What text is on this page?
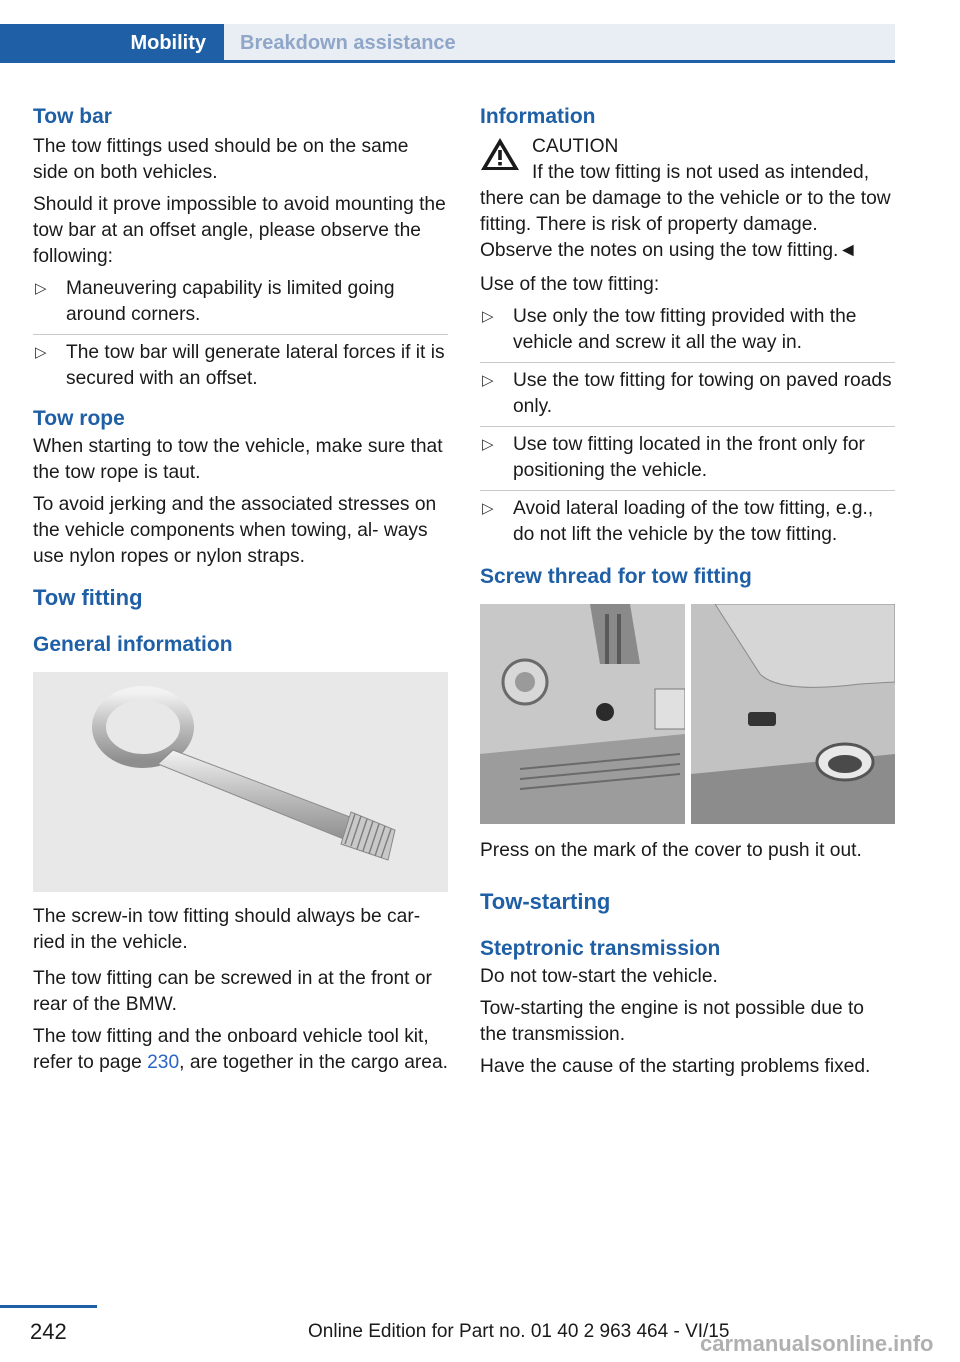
Mobility	Breakdown assistance
Tow bar

The tow fittings used should be on the same side on both vehicles.

Should it prove impossible to avoid mounting the tow bar at an offset angle, please observe the following:

▷ Maneuvering capability is limited going around corners.
▷ The tow bar will generate lateral forces if it is secured with an offset.
Tow rope

When starting to tow the vehicle, make sure that the tow rope is taut.

To avoid jerking and the associated stresses on the vehicle components when towing, al‐ ways use nylon ropes or nylon straps.

Tow fitting
General information

The screw-in tow fitting should always be car‐ ried in the vehicle.

The tow fitting can be screwed in at the front or rear of the BMW.

The tow fitting and the onboard vehicle tool kit, refer to page 230, are together in the cargo area.

Information
CAUTION

If the tow fitting is not used as intended, there can be damage to the vehicle or to the tow fitting. There is risk of property damage. Observe the notes on using the tow fitting.◄

Use of the tow fitting:

▷ Use only the tow fitting provided with the vehicle and screw it all the way in.
▷ Use the tow fitting for towing on paved roads only.
▷ Use tow fitting located in the front only for positioning the vehicle.
▷ Avoid lateral loading of the tow fitting, e.g., do not lift the vehicle by the tow fitting.
Screw thread for tow fitting

Press on the mark of the cover to push it out.

Tow-starting
Steptronic transmission

Do not tow-start the vehicle.

Tow-starting the engine is not possible due to the transmission.

Have the cause of the starting problems fixed.

242	Online Edition for Part no. 01 40 2 963 464 - VI/15
carmanualsonline.info
